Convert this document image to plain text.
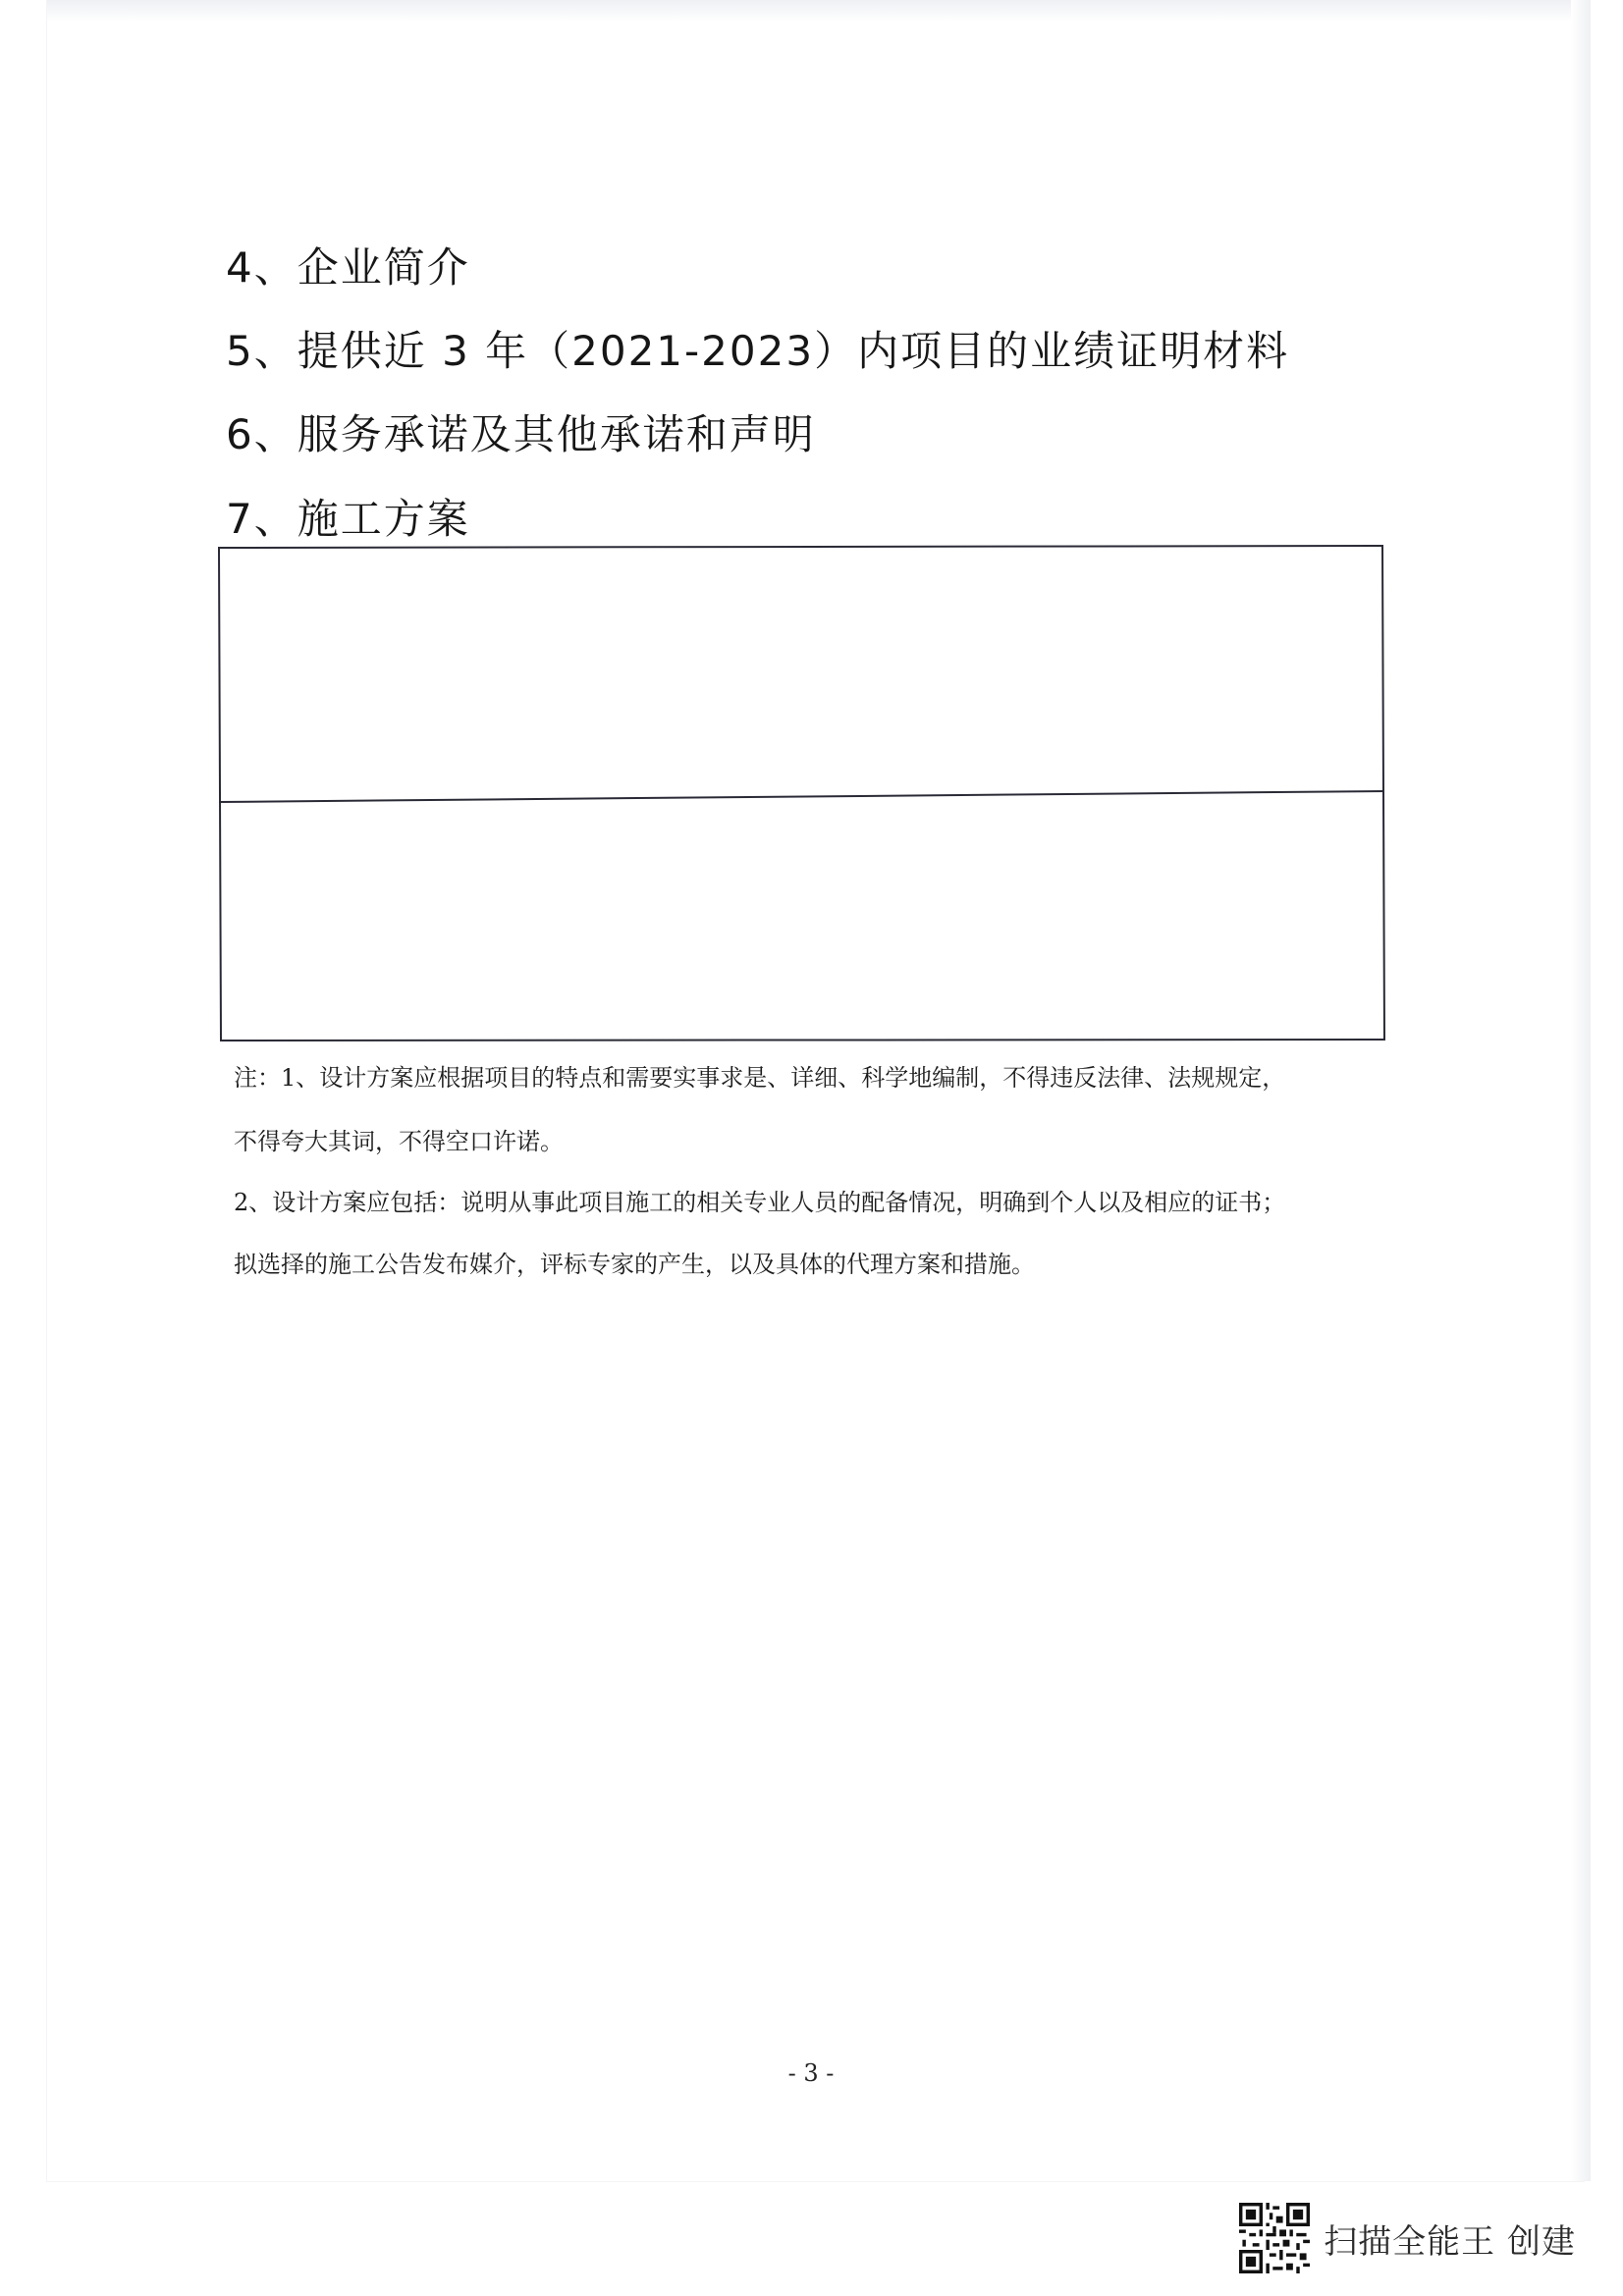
4、企业简介
5、提供近 3 年（2021-2023）内项目的业绩证明材料
6、服务承诺及其他承诺和声明
7、施工方案
注：1、设计方案应根据项目的特点和需要实事求是、详细、科学地编制，不得违反法律、法规规定，
不得夸大其词，不得空口许诺。
2、设计方案应包括：说明从事此项目施工的相关专业人员的配备情况，明确到个人以及相应的证书；
拟选择的施工公告发布媒介，评标专家的产生，以及具体的代理方案和措施。
- 3 -
扫描全能王 创建
